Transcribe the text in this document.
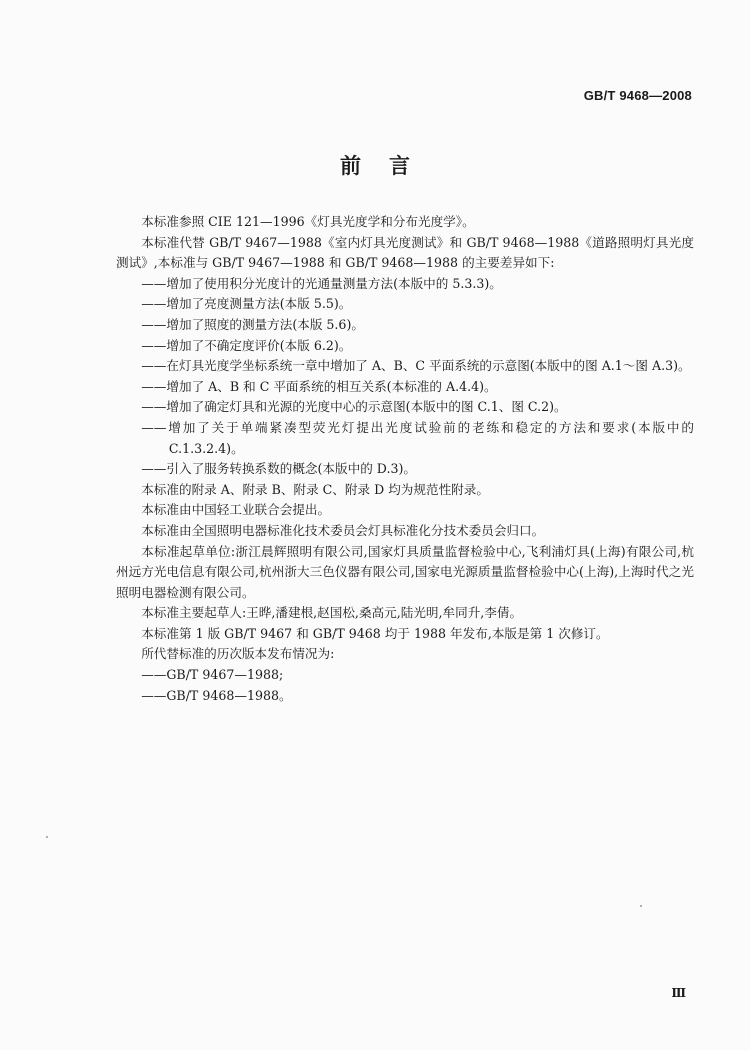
GB/T 9468—2008
前言

本标准参照 CIE 121—1996《灯具光度学和分布光度学》。

本标准代替 GB/T 9467—1988《室内灯具光度测试》和 GB/T 9468—1988《道路照明灯具光度测试》,本标准与 GB/T 9467—1988 和 GB/T 9468—1988 的主要差异如下:

——增加了使用积分光度计的光通量测量方法(本版中的 5.3.3)。

——增加了亮度测量方法(本版 5.5)。

——增加了照度的测量方法(本版 5.6)。

——增加了不确定度评价(本版 6.2)。

——在灯具光度学坐标系统一章中增加了 A、B、C 平面系统的示意图(本版中的图 A.1～图 A.3)。

——增加了 A、B 和 C 平面系统的相互关系(本标准的 A.4.4)。

——增加了确定灯具和光源的光度中心的示意图(本版中的图 C.1、图 C.2)。

——增加了关于单端紧凑型荧光灯提出光度试验前的老练和稳定的方法和要求(本版中的 C.1.3.2.4)。

——引入了服务转换系数的概念(本版中的 D.3)。

本标准的附录 A、附录 B、附录 C、附录 D 均为规范性附录。

本标准由中国轻工业联合会提出。

本标准由全国照明电器标准化技术委员会灯具标准化分技术委员会归口。

本标准起草单位:浙江晨辉照明有限公司,国家灯具质量监督检验中心,飞利浦灯具(上海)有限公司,杭州远方光电信息有限公司,杭州浙大三色仪器有限公司,国家电光源质量监督检验中心(上海),上海时代之光照明电器检测有限公司。

本标准主要起草人:王晔,潘建根,赵国松,桑高元,陆光明,牟同升,李倩。

本标准第 1 版 GB/T 9467 和 GB/T 9468 均于 1988 年发布,本版是第 1 次修订。

所代替标准的历次版本发布情况为:

——GB/T 9467—1988;

——GB/T 9468—1988。

Ⅲ
